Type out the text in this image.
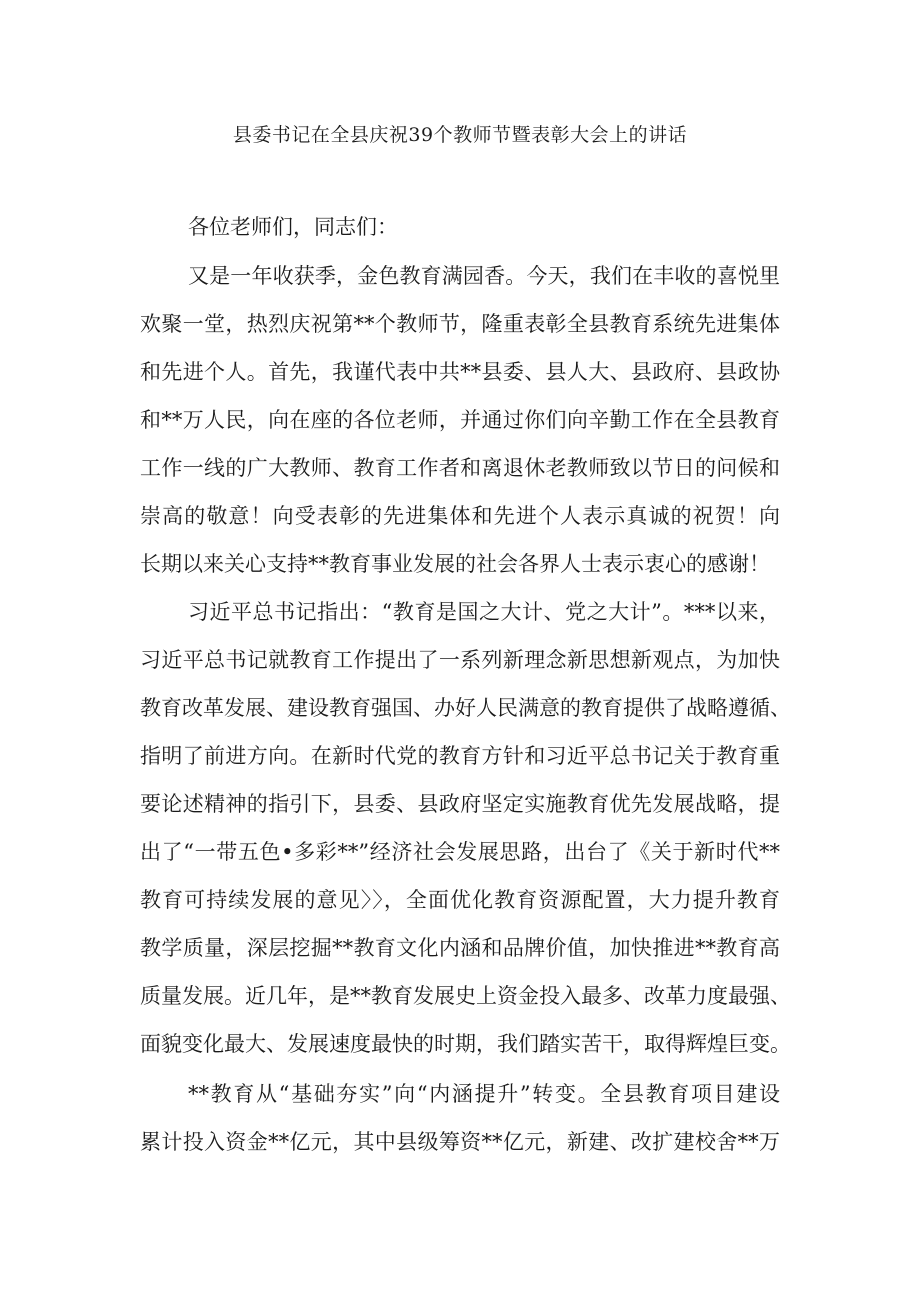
县委书记在全县庆祝39个教师节暨表彰大会上的讲话
各位老师们，同志们：
又是一年收获季，金色教育满园香。今天，我们在丰收的喜悦里
欢聚一堂，热烈庆祝第**个教师节，隆重表彰全县教育系统先进集体
和先进个人。首先，我谨代表中共**县委、县人大、县政府、县政协
和**万人民，向在座的各位老师，并通过你们向辛勤工作在全县教育
工作一线的广大教师、教育工作者和离退休老教师致以节日的问候和
崇高的敬意！向受表彰的先进集体和先进个人表示真诚的祝贺！向
长期以来关心支持**教育事业发展的社会各界人士表示衷心的感谢！
习近平总书记指出：“教育是国之大计、党之大计”。***以来，
习近平总书记就教育工作提出了一系列新理念新思想新观点，为加快
教育改革发展、建设教育强国、办好人民满意的教育提供了战略遵循、
指明了前进方向。在新时代党的教育方针和习近平总书记关于教育重
要论述精神的指引下，县委、县政府坚定实施教育优先发展战略，提
出了“一带五色•多彩**”经济社会发展思路，出台了《关于新时代**
教育可持续发展的意见〉〉，全面优化教育资源配置，大力提升教育
教学质量，深层挖掘**教育文化内涵和品牌价值，加快推进**教育高
质量发展。近几年，是**教育发展史上资金投入最多、改革力度最强、
面貌变化最大、发展速度最快的时期，我们踏实苦干，取得辉煌巨变。
**教育从“基础夯实”向“内涵提升”转变。全县教育项目建设
累计投入资金**亿元，其中县级筹资**亿元，新建、改扩建校舍**万
